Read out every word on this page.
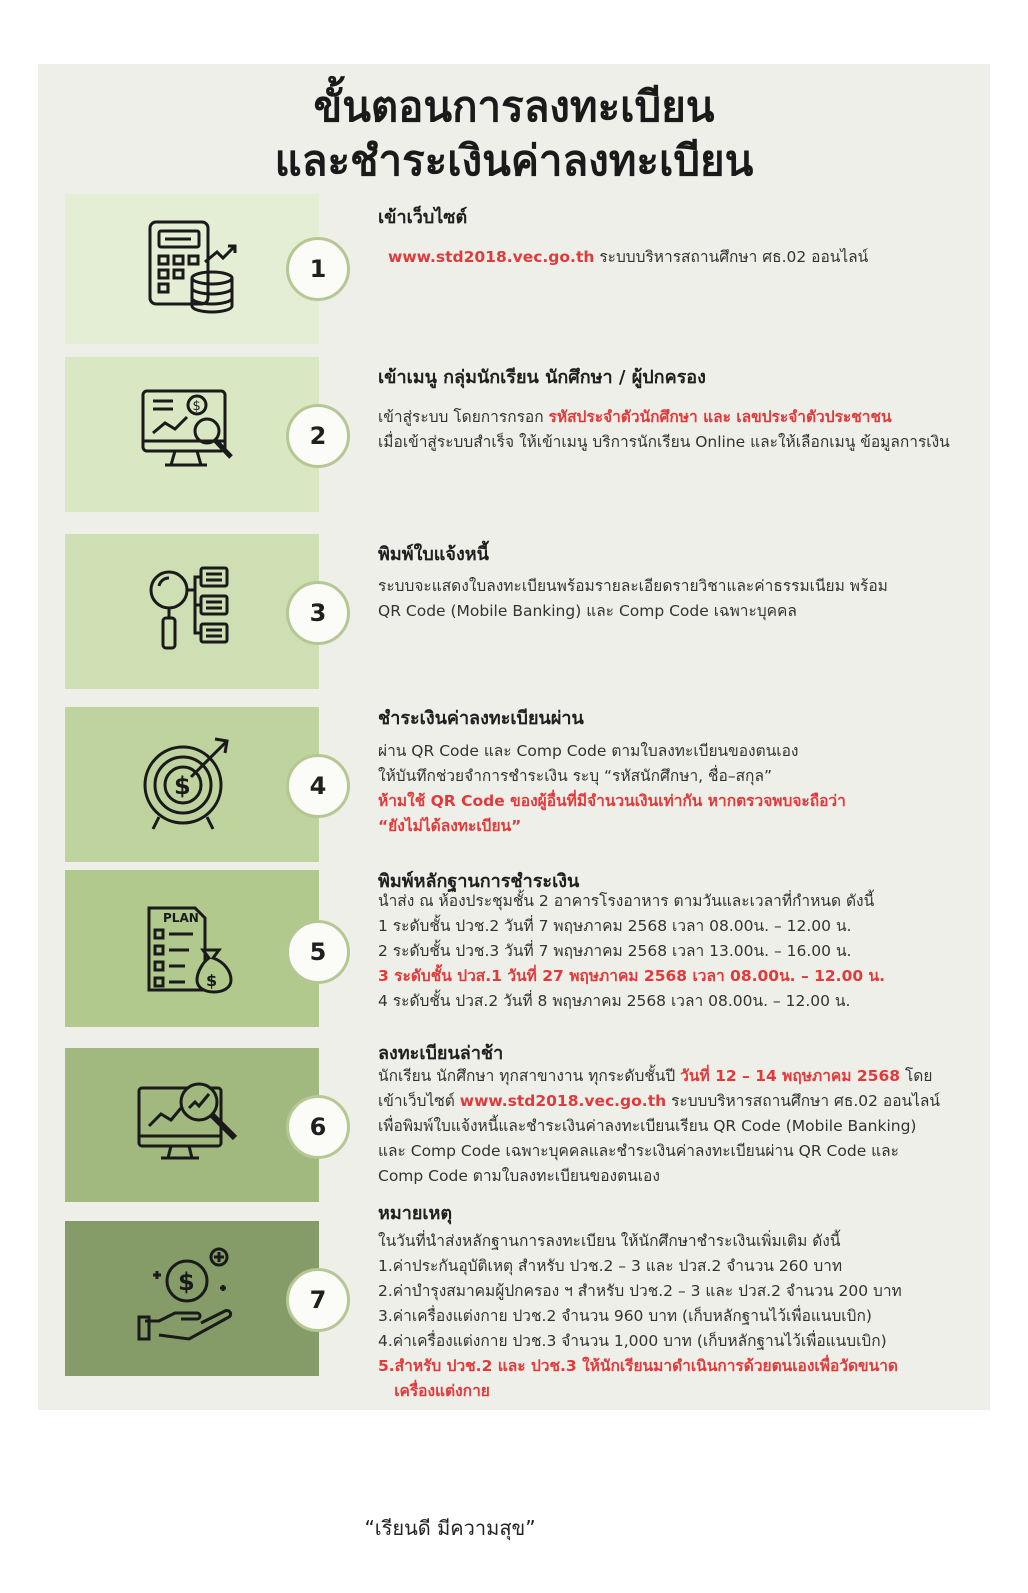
ขั้นตอนการลงทะเบียน
และชำระเงินค่าลงทะเบียน
1
เข้าเว็บไซต์
www.std2018.vec.go.th ระบบบริหารสถานศึกษา ศธ.02 ออนไลน์
$
2
เข้าเมนู กลุ่มนักเรียน นักศึกษา / ผู้ปกครอง
เข้าสู่ระบบ โดยการกรอก รหัสประจำตัวนักศึกษา และ เลขประจำตัวประชาชน
เมื่อเข้าสู่ระบบสำเร็จ ให้เข้าเมนู บริการนักเรียน Online และให้เลือกเมนู ข้อมูลการเงิน
3
พิมพ์ใบแจ้งหนี้
ระบบจะแสดงใบลงทะเบียนพร้อมรายละเอียดรายวิชาและค่าธรรมเนียม พร้อม
QR Code (Mobile Banking) และ Comp Code เฉพาะบุคคล
$	4
ชำระเงินค่าลงทะเบียนผ่าน
ผ่าน QR Code และ Comp Code ตามใบลงทะเบียนของตนเอง
ให้บันทึกช่วยจำการชำระเงิน ระบุ “รหัสนักศึกษา, ชื่อ–สกุล”
ห้ามใช้ QR Code ของผู้อื่นที่มีจำนวนเงินเท่ากัน หากตรวจพบจะถือว่า
“ยังไม่ได้ลงทะเบียน”
PLAN
$
5
พิมพ์หลักฐานการชำระเงิน
นำส่ง ณ ห้องประชุมชั้น 2 อาคารโรงอาหาร ตามวันและเวลาที่กำหนด ดังนี้
1 ระดับชั้น ปวช.2 วันที่ 7 พฤษภาคม 2568 เวลา 08.00น. – 12.00 น.
2 ระดับชั้น ปวช.3 วันที่ 7 พฤษภาคม 2568 เวลา 13.00น. – 16.00 น.
3 ระดับชั้น ปวส.1 วันที่ 27 พฤษภาคม 2568 เวลา 08.00น. – 12.00 น.
4 ระดับชั้น ปวส.2 วันที่ 8 พฤษภาคม 2568 เวลา 08.00น. – 12.00 น.
6
ลงทะเบียนล่าช้า
นักเรียน นักศึกษา ทุกสาขางาน ทุกระดับชั้นปี วันที่ 12 – 14 พฤษภาคม 2568 โดย
เข้าเว็บไซต์ www.std2018.vec.go.th ระบบบริหารสถานศึกษา ศธ.02 ออนไลน์
เพื่อพิมพ์ใบแจ้งหนี้และชำระเงินค่าลงทะเบียนเรียน QR Code (Mobile Banking)
และ Comp Code เฉพาะบุคคลและชำระเงินค่าลงทะเบียนผ่าน QR Code และ
Comp Code ตามใบลงทะเบียนของตนเอง
$
7
หมายเหตุ
ในวันที่นำส่งหลักฐานการลงทะเบียน ให้นักศึกษาชำระเงินเพิ่มเติม ดังนี้
1.ค่าประกันอุบัติเหตุ สำหรับ ปวช.2 – 3 และ ปวส.2 จำนวน 260 บาท
2.ค่าบำรุงสมาคมผู้ปกครอง ฯ สำหรับ ปวช.2 – 3 และ ปวส.2 จำนวน 200 บาท
3.ค่าเครื่องแต่งกาย ปวช.2 จำนวน 960 บาท (เก็บหลักฐานไว้เพื่อแนบเบิก)
4.ค่าเครื่องแต่งกาย ปวช.3 จำนวน 1,000 บาท (เก็บหลักฐานไว้เพื่อแนบเบิก)
5.สำหรับ ปวช.2 และ ปวช.3 ให้นักเรียนมาดำเนินการด้วยตนเองเพื่อวัดขนาด
เครื่องแต่งกาย
“เรียนดี มีความสุข”
